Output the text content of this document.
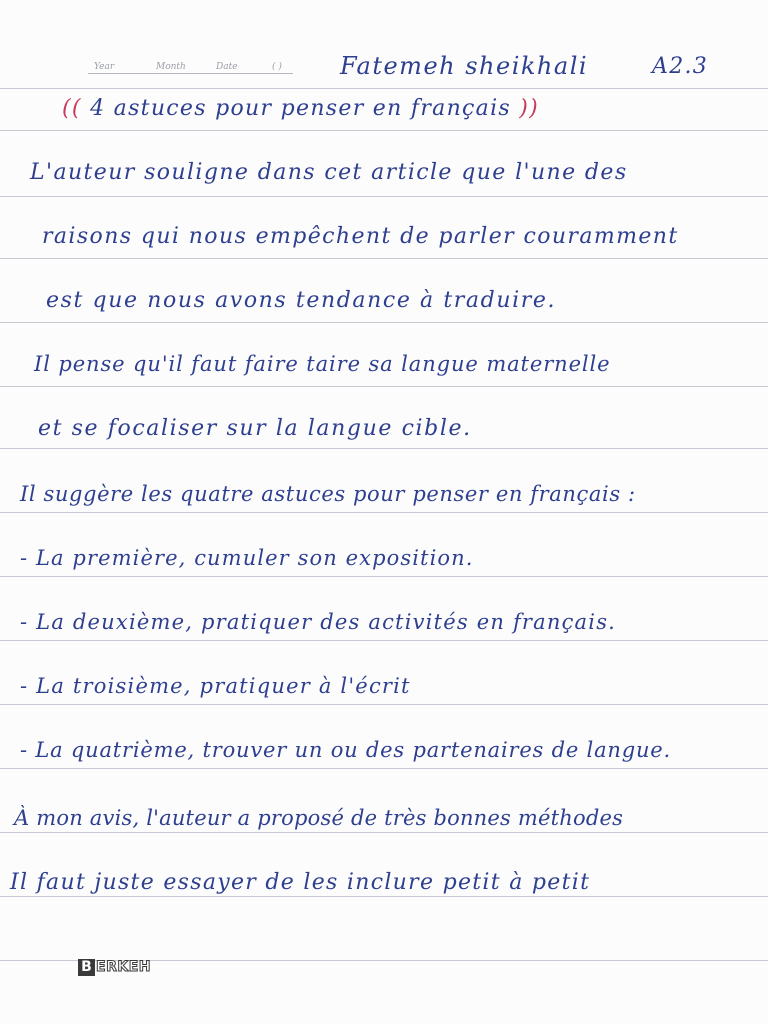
Year	Month	Date	( ) Fatemeh sheikhali	A2.3
(( 4 astuces pour penser en français ))
L'auteur souligne dans cet article que l'une des
raisons qui nous empêchent de parler couramment
est que nous avons tendance à traduire.
Il pense qu'il faut faire taire sa langue maternelle
et se focaliser sur la langue cible.
Il suggère les quatre astuces pour penser en français :
- La première, cumuler son exposition.
- La deuxième, pratiquer des activités en français.
- La troisième, pratiquer à l'écrit
- La quatrième, trouver un ou des partenaires de langue.
À mon avis, l'auteur a proposé de très bonnes méthodes
Il faut juste essayer de les inclure petit à petit
B ERKEH
